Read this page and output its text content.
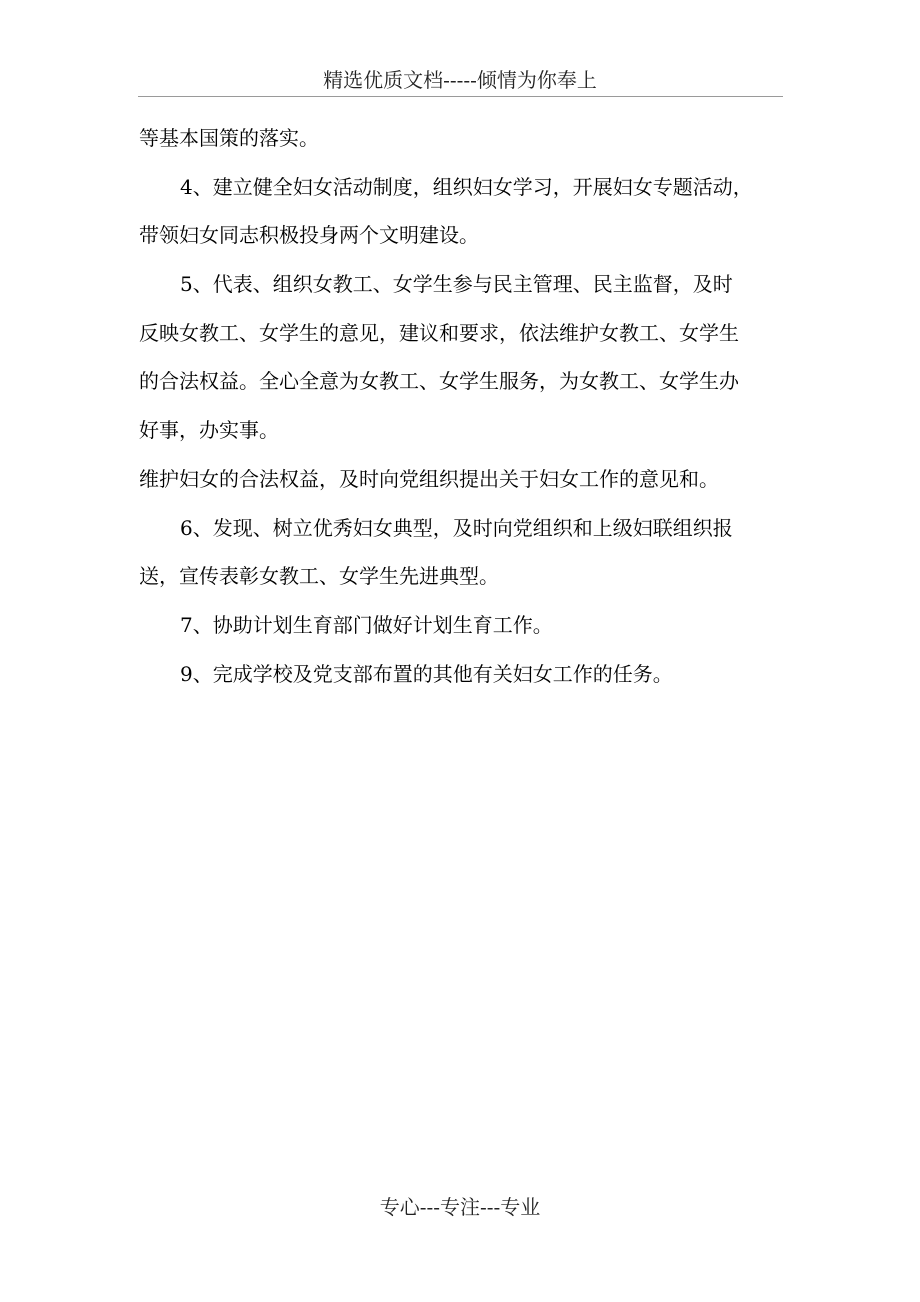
精选优质文档-----倾情为你奉上
等基本国策的落实。
4、建立健全妇女活动制度，组织妇女学习，开展妇女专题活动，
带领妇女同志积极投身两个文明建设。
5、代表、组织女教工、女学生参与民主管理、民主监督，及时
反映女教工、女学生的意见，建议和要求，依法维护女教工、女学生
的合法权益。全心全意为女教工、女学生服务，为女教工、女学生办
好事，办实事。
维护妇女的合法权益，及时向党组织提出关于妇女工作的意见和。
6、发现、树立优秀妇女典型，及时向党组织和上级妇联组织报
送，宣传表彰女教工、女学生先进典型。
7、协助计划生育部门做好计划生育工作。
9、完成学校及党支部布置的其他有关妇女工作的任务。
专心---专注---专业
